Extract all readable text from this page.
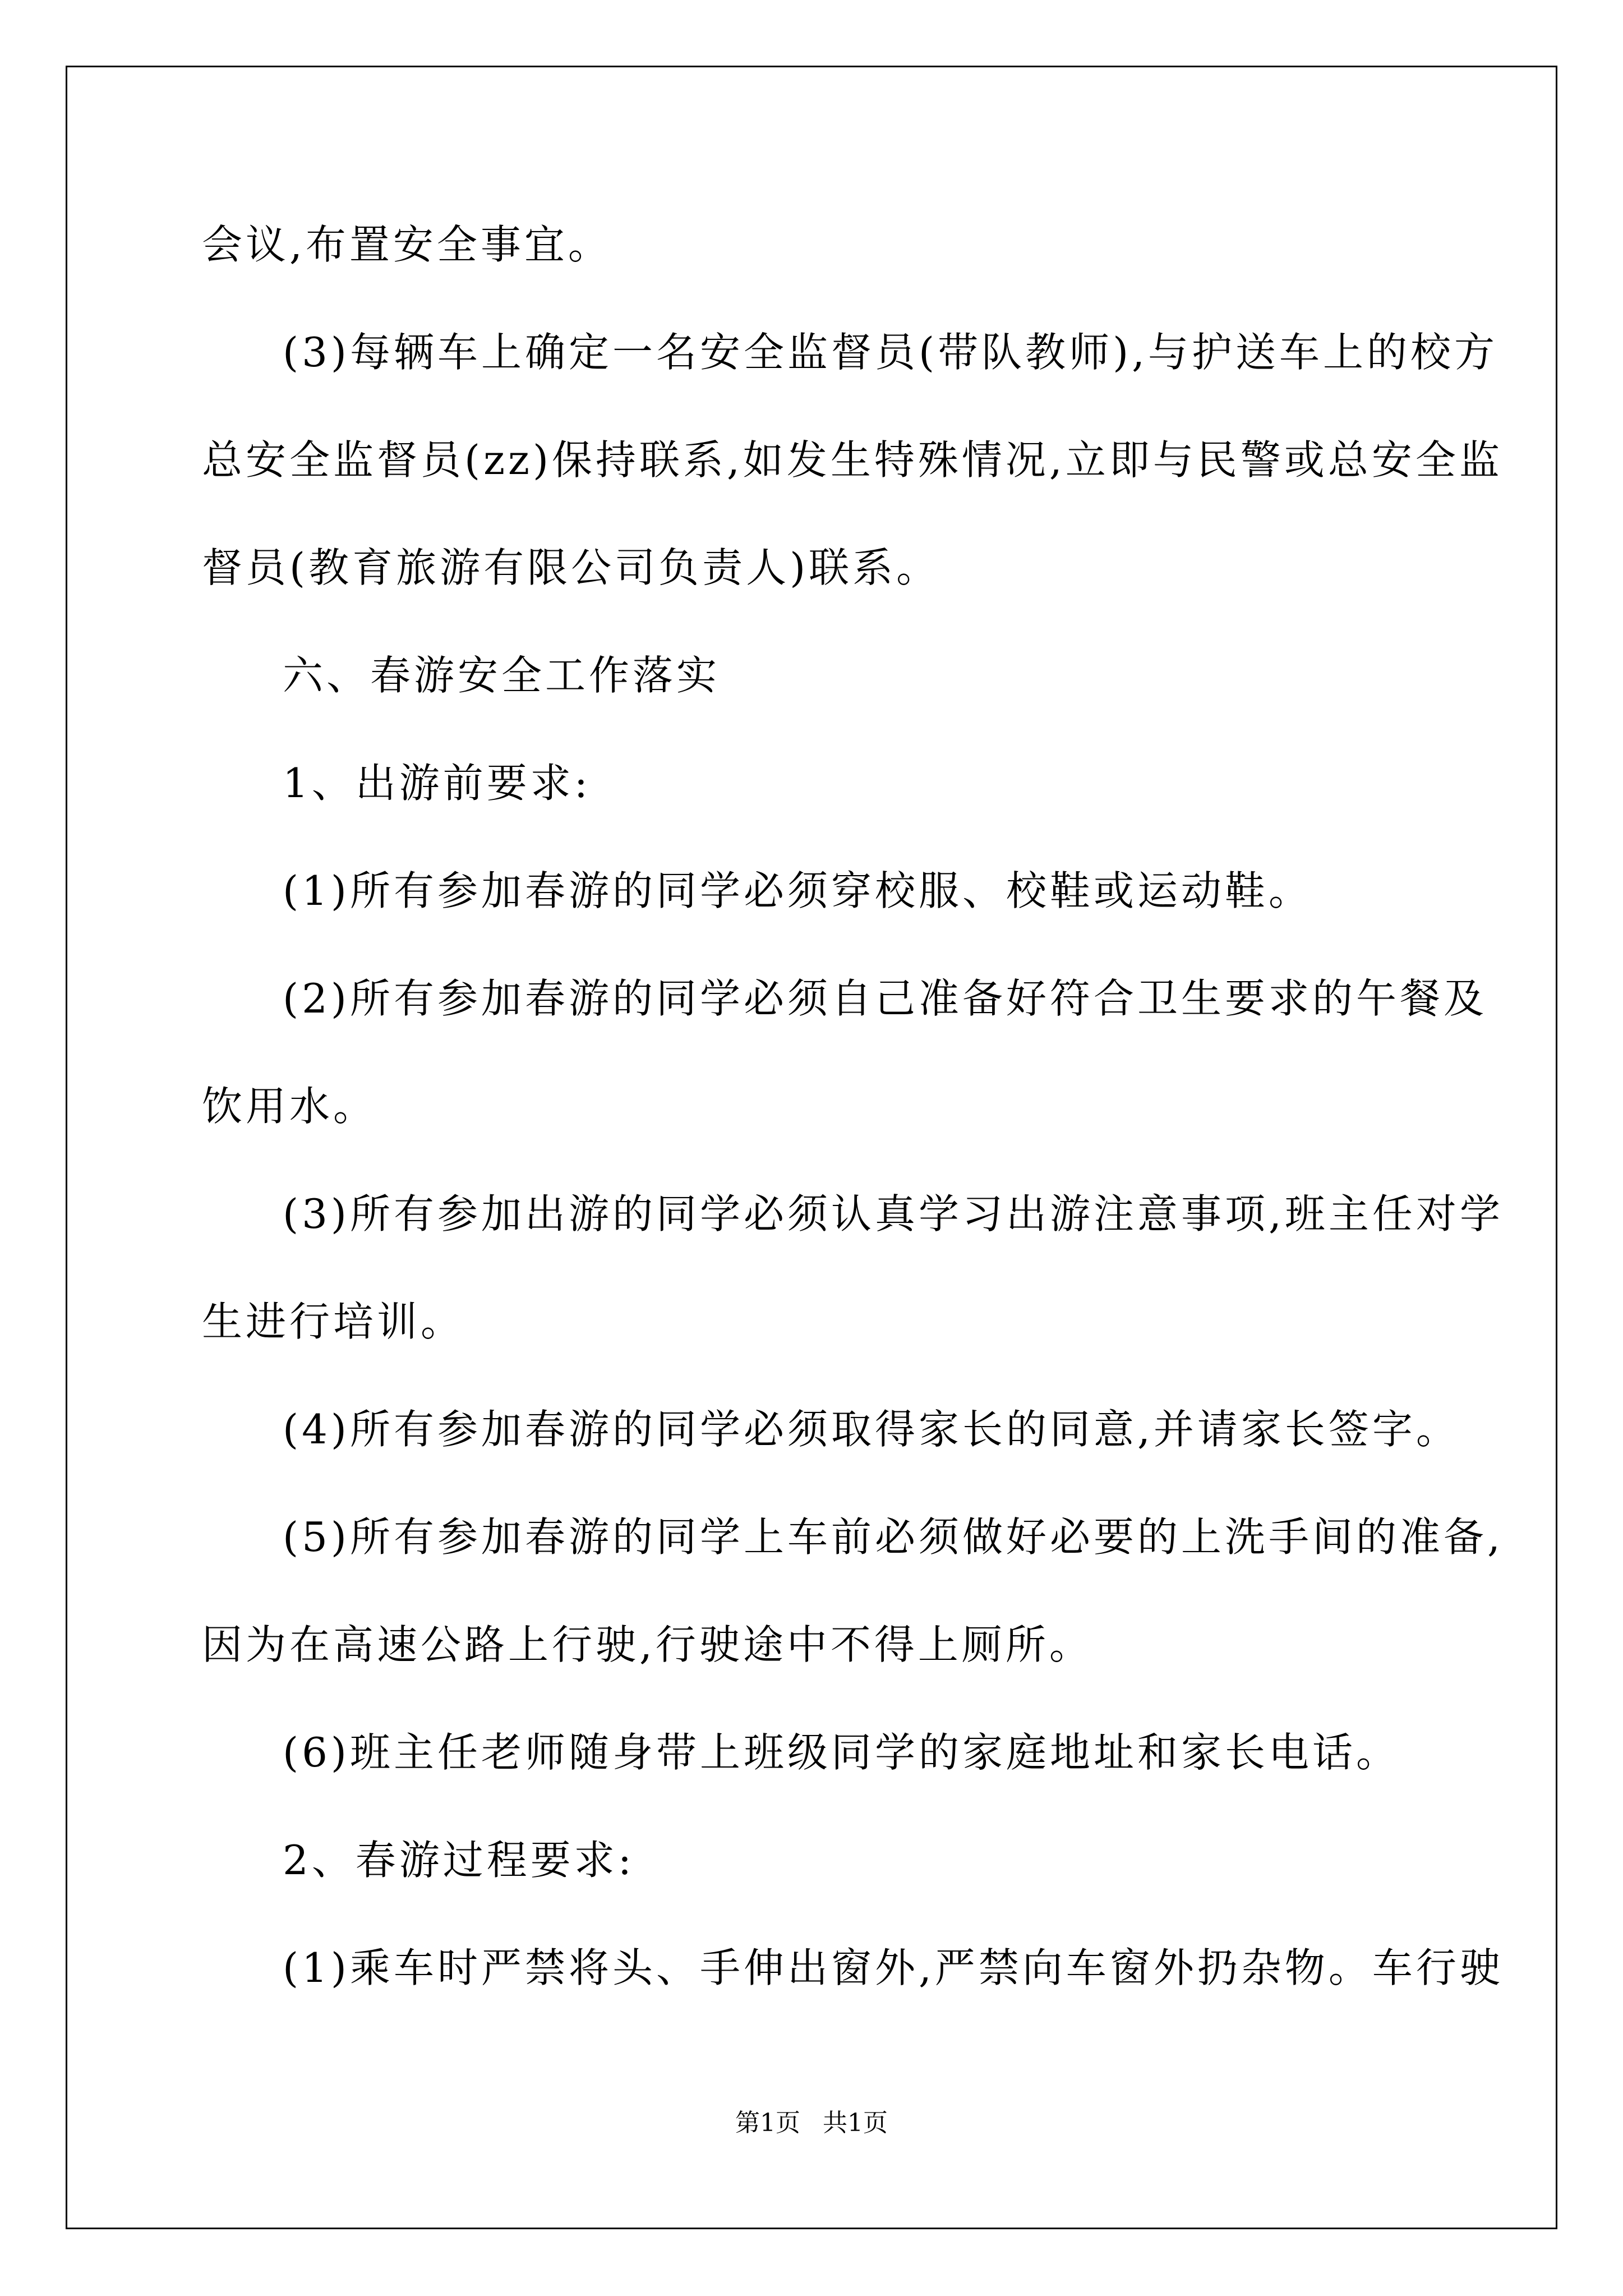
会议,布置安全事宜。
(3)每辆车上确定一名安全监督员(带队教师),与护送车上的校方
总安全监督员(zz)保持联系,如发生特殊情况,立即与民警或总安全监
督员(教育旅游有限公司负责人)联系。
六、春游安全工作落实
1、出游前要求:
(1)所有参加春游的同学必须穿校服、校鞋或运动鞋。
(2)所有参加春游的同学必须自己准备好符合卫生要求的午餐及
饮用水。
(3)所有参加出游的同学必须认真学习出游注意事项,班主任对学
生进行培训。
(4)所有参加春游的同学必须取得家长的同意,并请家长签字。
(5)所有参加春游的同学上车前必须做好必要的上洗手间的准备,
因为在高速公路上行驶,行驶途中不得上厕所。
(6)班主任老师随身带上班级同学的家庭地址和家长电话。
2、春游过程要求:
(1)乘车时严禁将头、手伸出窗外,严禁向车窗外扔杂物。车行驶
第1页 共1页
